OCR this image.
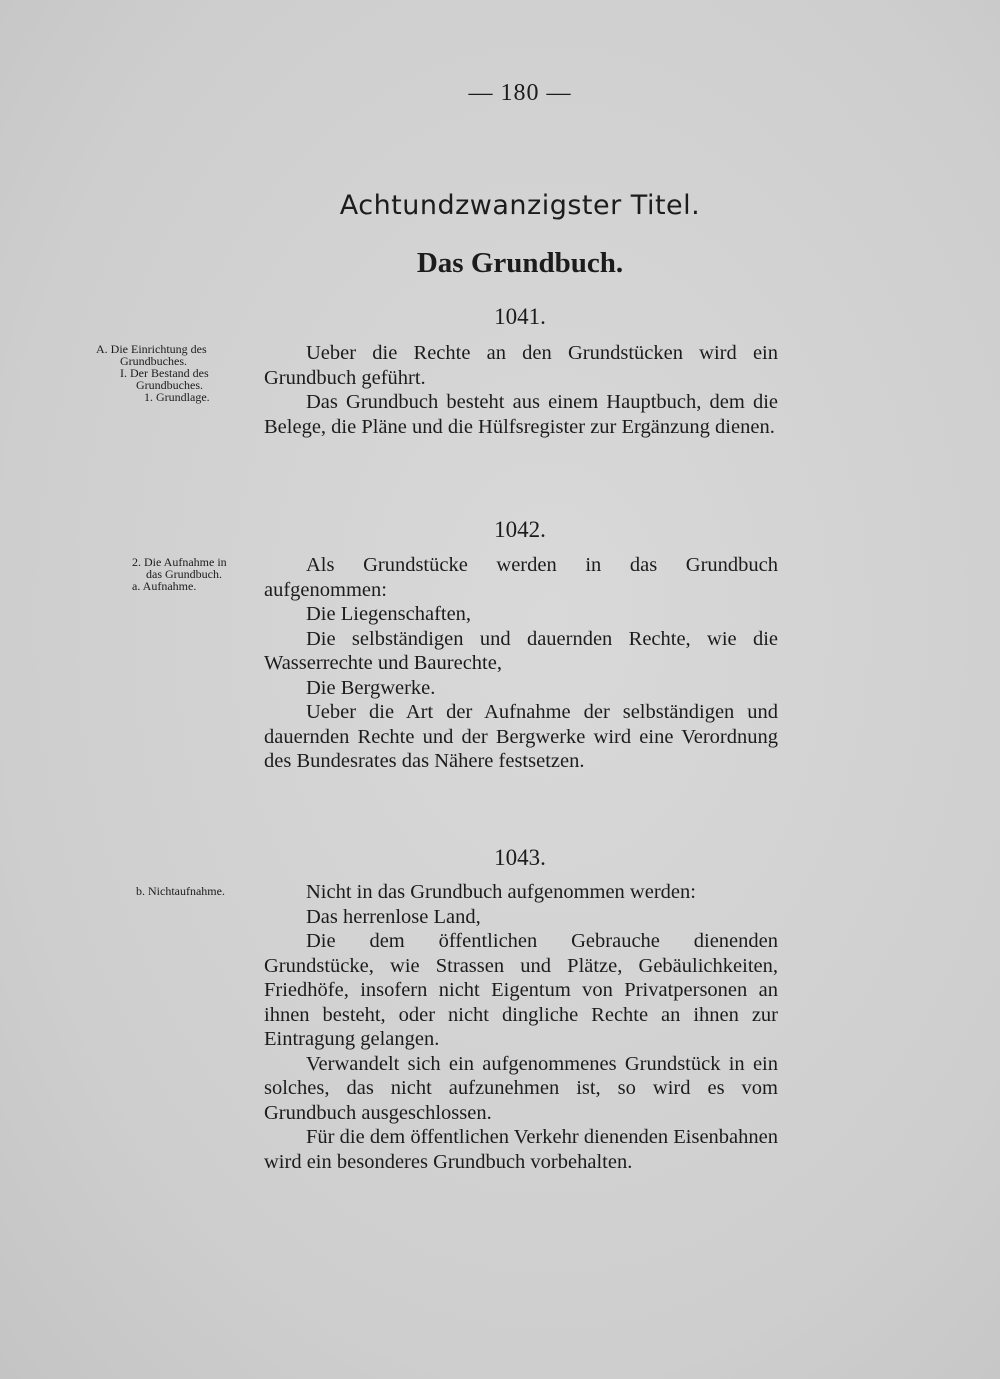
— 180 —
Achtundzwanzigster Titel.
Das Grundbuch.
1041.
A. Die Einrichtung des
Grundbuches.
I. Der Bestand des
Grundbuches.
1. Grundlage.

Ueber die Rechte an den Grundstücken wird ein Grundbuch geführt.

Das Grundbuch besteht aus einem Hauptbuch, dem die Belege, die Pläne und die Hülfsregister zur Ergänzung dienen.

1042.
2. Die Aufnahme in
das Grundbuch.
a. Aufnahme.

Als Grundstücke werden in das Grundbuch aufgenommen:

Die Liegenschaften,

Die selbständigen und dauernden Rechte, wie die Wasserrechte und Baurechte,

Die Bergwerke.

Ueber die Art der Aufnahme der selbständigen und dauernden Rechte und der Bergwerke wird eine Verordnung des Bundesrates das Nähere festsetzen.

1043.
b. Nichtaufnahme.	Nicht in das Grundbuch aufgenommen werden:

Das herrenlose Land,

Die dem öffentlichen Gebrauche dienenden Grundstücke, wie Strassen und Plätze, Gebäulichkeiten, Friedhöfe, insofern nicht Eigentum von Privatpersonen an ihnen besteht, oder nicht dingliche Rechte an ihnen zur Eintragung gelangen.

Verwandelt sich ein aufgenommenes Grundstück in ein solches, das nicht aufzunehmen ist, so wird es vom Grundbuch ausgeschlossen.

Für die dem öffentlichen Verkehr dienenden Eisenbahnen wird ein besonderes Grundbuch vorbehalten.
